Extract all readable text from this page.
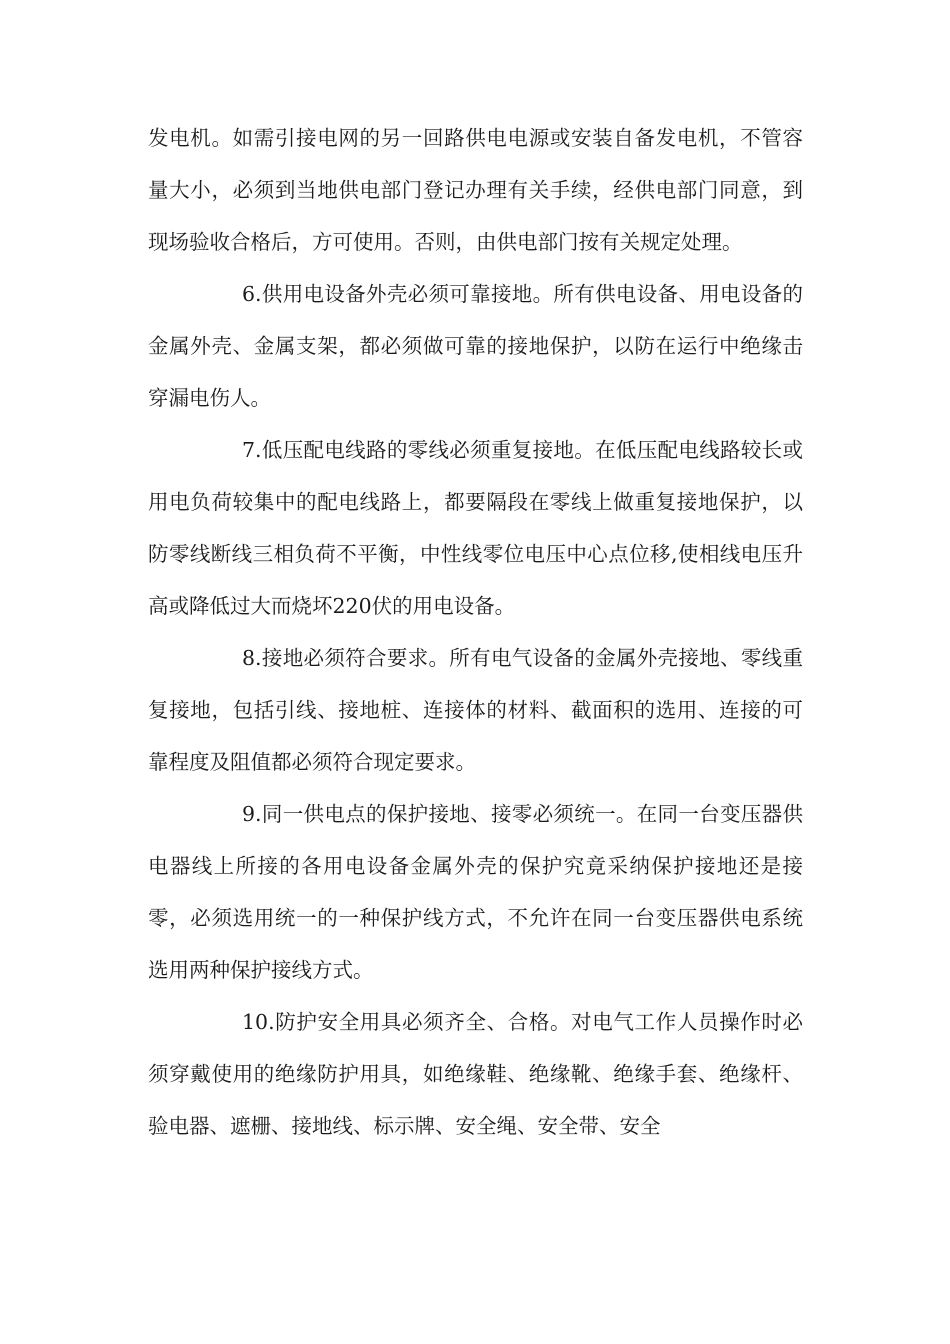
发电机。如需引接电网的另一回路供电电源或安装自备发电机，不管容量大小，必须到当地供电部门登记办理有关手续，经供电部门同意，到现场验收合格后，方可使用。否则，由供电部门按有关规定处理。

6.供用电设备外壳必须可靠接地。所有供电设备、用电设备的金属外壳、金属支架，都必须做可靠的接地保护，以防在运行中绝缘击穿漏电伤人。

7.低压配电线路的零线必须重复接地。在低压配电线路较长或用电负荷较集中的配电线路上，都要隔段在零线上做重复接地保护，以防零线断线三相负荷不平衡，中性线零位电压中心点位移,使相线电压升高或降低过大而烧坏220伏的用电设备。

8.接地必须符合要求。所有电气设备的金属外壳接地、零线重复接地，包括引线、接地桩、连接体的材料、截面积的选用、连接的可靠程度及阻值都必须符合现定要求。

9.同一供电点的保护接地、接零必须统一。在同一台变压器供电器线上所接的各用电设备金属外壳的保护究竟采纳保护接地还是接零，必须选用统一的一种保护线方式，不允许在同一台变压器供电系统选用两种保护接线方式。

10.防护安全用具必须齐全、合格。对电气工作人员操作时必须穿戴使用的绝缘防护用具，如绝缘鞋、绝缘靴、绝缘手套、绝缘杆、验电器、遮栅、接地线、标示牌、安全绳、安全带、安全
